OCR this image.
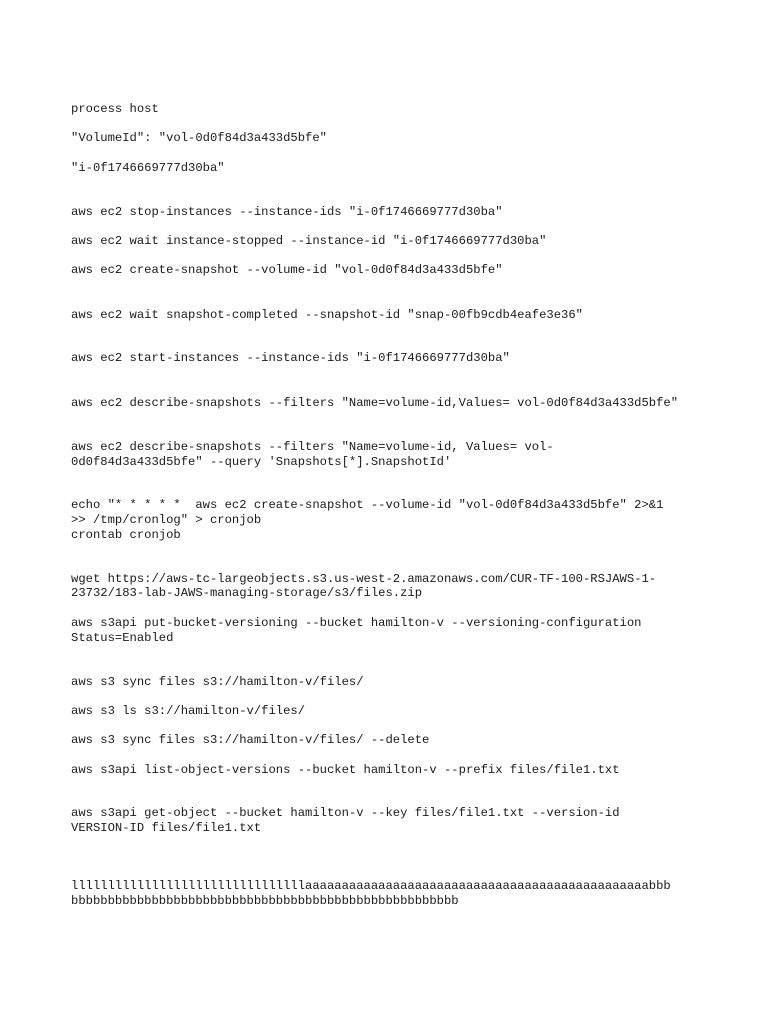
process host

"VolumeId": "vol-0d0f84d3a433d5bfe"

"i-0f1746669777d30ba"

aws ec2 stop-instances --instance-ids "i-0f1746669777d30ba"

aws ec2 wait instance-stopped --instance-id "i-0f1746669777d30ba"

aws ec2 create-snapshot --volume-id "vol-0d0f84d3a433d5bfe"

aws ec2 wait snapshot-completed --snapshot-id "snap-00fb9cdb4eafe3e36"

aws ec2 start-instances --instance-ids "i-0f1746669777d30ba"

aws ec2 describe-snapshots --filters "Name=volume-id,Values= vol-0d0f84d3a433d5bfe"

aws ec2 describe-snapshots --filters "Name=volume-id, Values= vol-

0d0f84d3a433d5bfe" --query 'Snapshots[*].SnapshotId'

echo "* * * * *  aws ec2 create-snapshot --volume-id "vol-0d0f84d3a433d5bfe" 2>&1

>> /tmp/cronlog" > cronjob

crontab cronjob

wget https://aws-tc-largeobjects.s3.us-west-2.amazonaws.com/CUR-TF-100-RSJAWS-1-

23732/183-lab-JAWS-managing-storage/s3/files.zip

aws s3api put-bucket-versioning --bucket hamilton-v --versioning-configuration

Status=Enabled

aws s3 sync files s3://hamilton-v/files/

aws s3 ls s3://hamilton-v/files/

aws s3 sync files s3://hamilton-v/files/ --delete

aws s3api list-object-versions --bucket hamilton-v --prefix files/file1.txt

aws s3api get-object --bucket hamilton-v --key files/file1.txt --version-id

VERSION-ID files/file1.txt

llllllllllllllllllllllllllllllllaaaaaaaaaaaaaaaaaaaaaaaaaaaaaaaaaaaaaaaaaaaaaaabbb

bbbbbbbbbbbbbbbbbbbbbbbbbbbbbbbbbbbbbbbbbbbbbbbbbbbbb
